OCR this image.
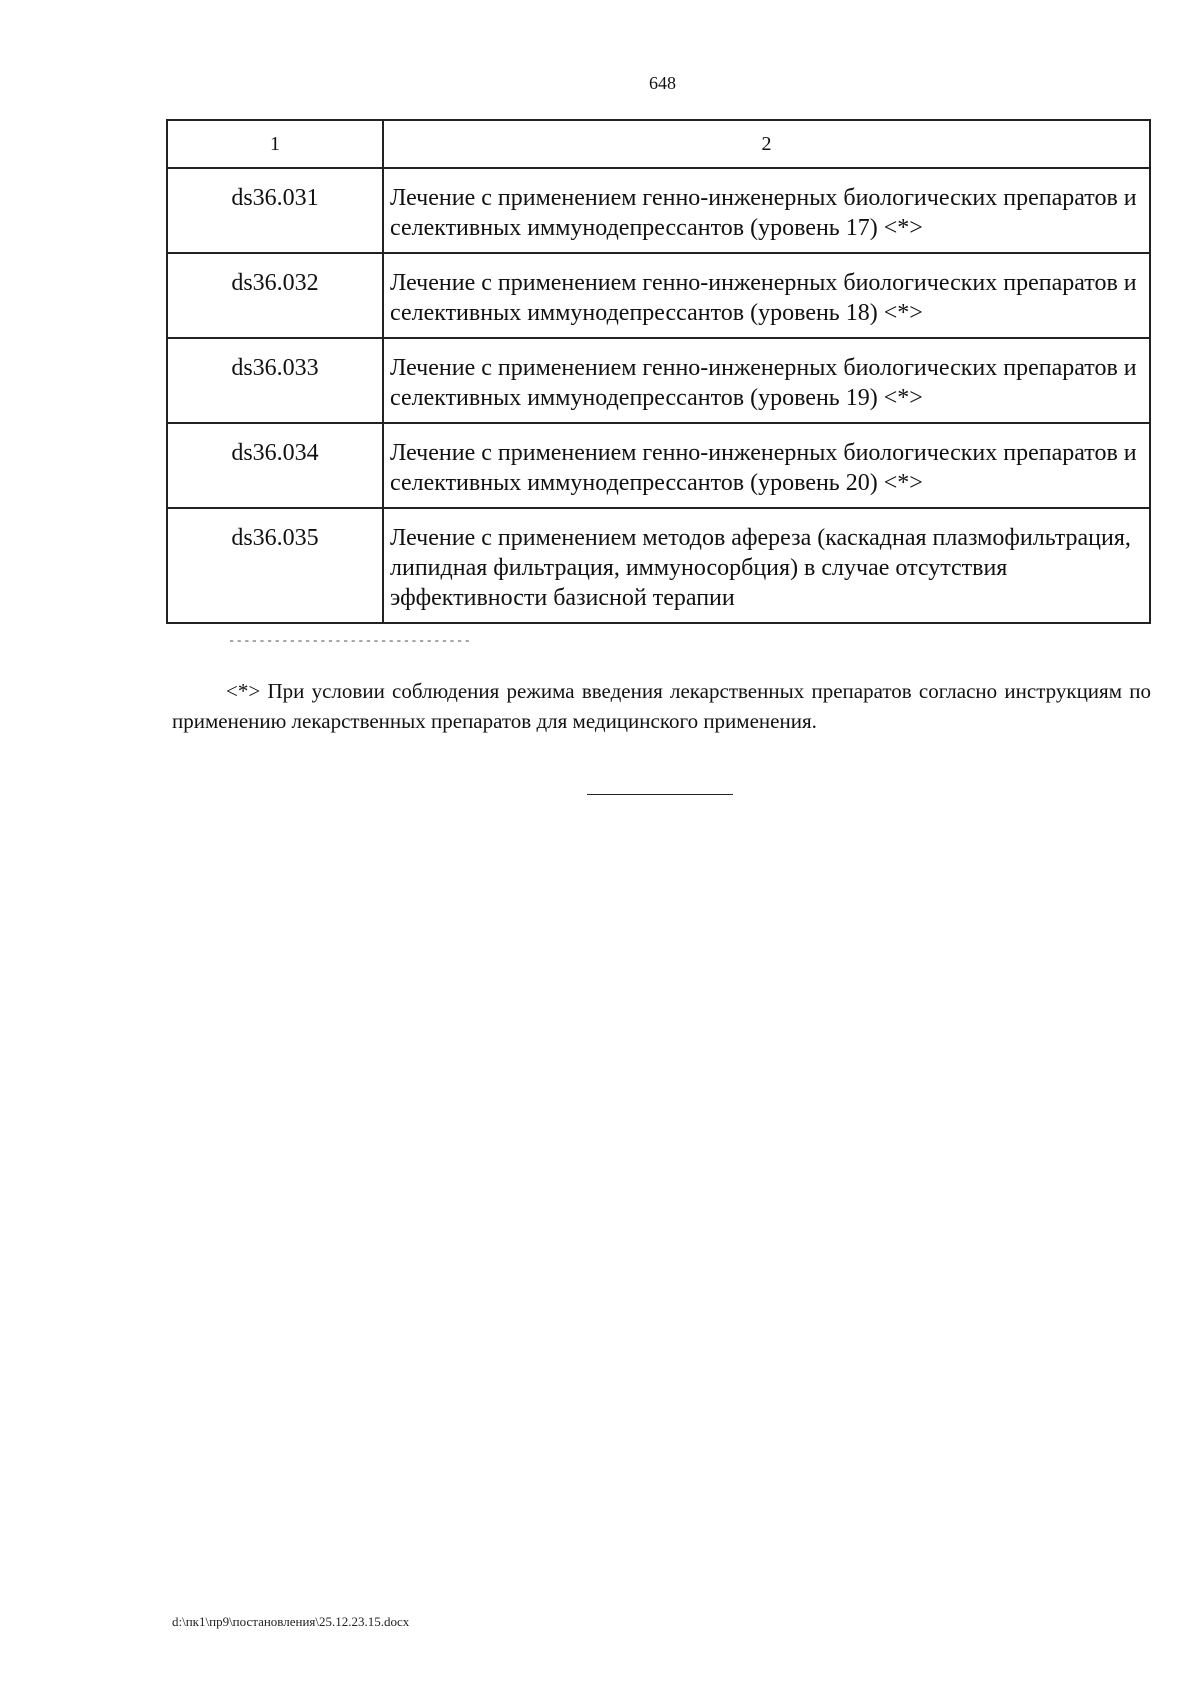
648
1	2
ds36.031	Лечение с применением генно-инженерных биологических препаратов и селективных иммунодепрессантов (уровень 17) <*>
ds36.032	Лечение с применением генно-инженерных биологических препаратов и селективных иммунодепрессантов (уровень 18) <*>
ds36.033	Лечение с применением генно-инженерных биологических препаратов и селективных иммунодепрессантов (уровень 19) <*>
ds36.034	Лечение с применением генно-инженерных биологических препаратов и селективных иммунодепрессантов (уровень 20) <*>
ds36.035	Лечение с применением методов афереза (каскадная плазмофильтрация, липидная фильтрация, иммуносорбция) в случае отсутствия эффективности базисной терапии
--------------------------------
<*> При условии соблюдения режима введения лекарственных препаратов согласно инструкциям по применению лекарственных препаратов для медицинского применения.
d:\пк1\пр9\постановления\25.12.23.15.docx
